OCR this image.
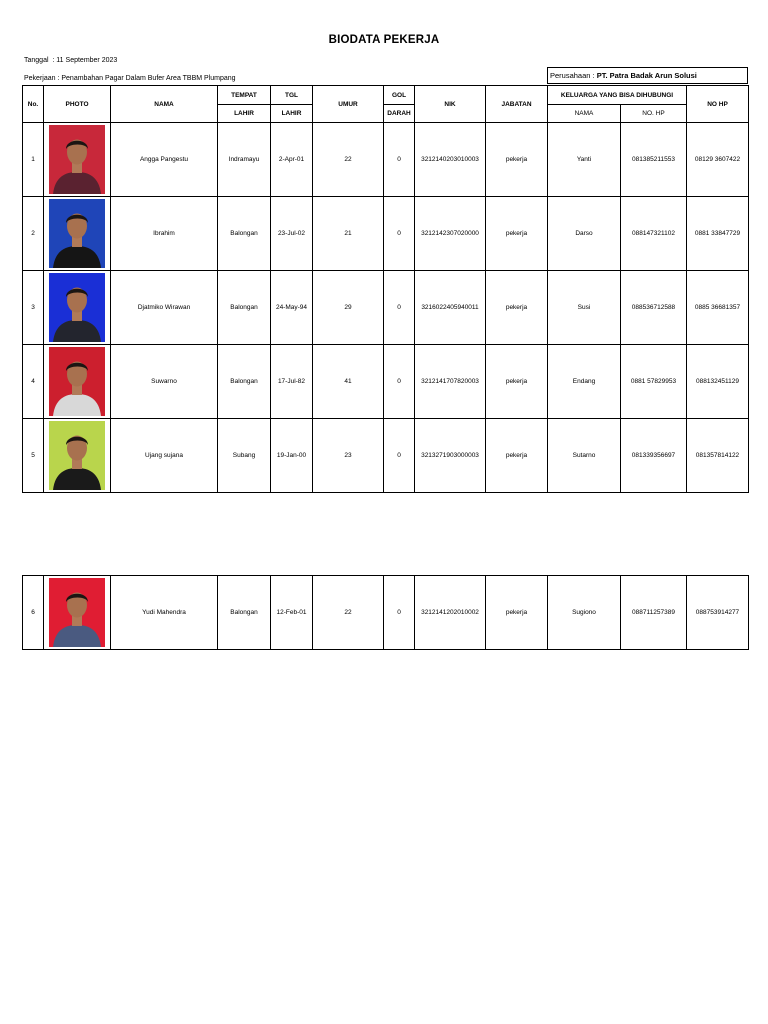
BIODATA PEKERJA
Tanggal : 11 September 2023
Pekerjaan : Penambahan Pagar Dalam Bufer Area TBBM Plumpang	Perusahaan : PT. Patra Badak Arun Solusi
No.	PHOTO	NAMA	TEMPAT	TGL	UMUR	GOL	NIK	JABATAN	KELUARGA YANG BISA DIHUBUNGI		NO HP
			LAHIR	LAHIR		DARAH			NAMA	NO. HP	
1		Angga Pangestu	Indramayu	2-Apr-01	22	0	3212140203010003	pekerja	Yanti	081385211553	08129 3607422
2		Ibrahim	Balongan	23-Jul-02	21	0	3212142307020000	pekerja	Darso	088147321102	0881 33847729
3		Djatmiko Wirawan	Balongan	24-May-94	29	0	3216022405940011	pekerja	Susi	088536712588	0885 36681357
4		Suwarno	Balongan	17-Jul-82	41	0	3212141707820003	pekerja	Endang	0881 57829953	088132451129
5		Ujang sujana	Subang	19-Jan-00	23	0	3213271903000003	pekerja	Sutarno	081339356697	081357814122
6		Yudi Mahendra	Balongan	12-Feb-01	22	0	3212141202010002	pekerja	Sugiono	088711257389	088753914277
